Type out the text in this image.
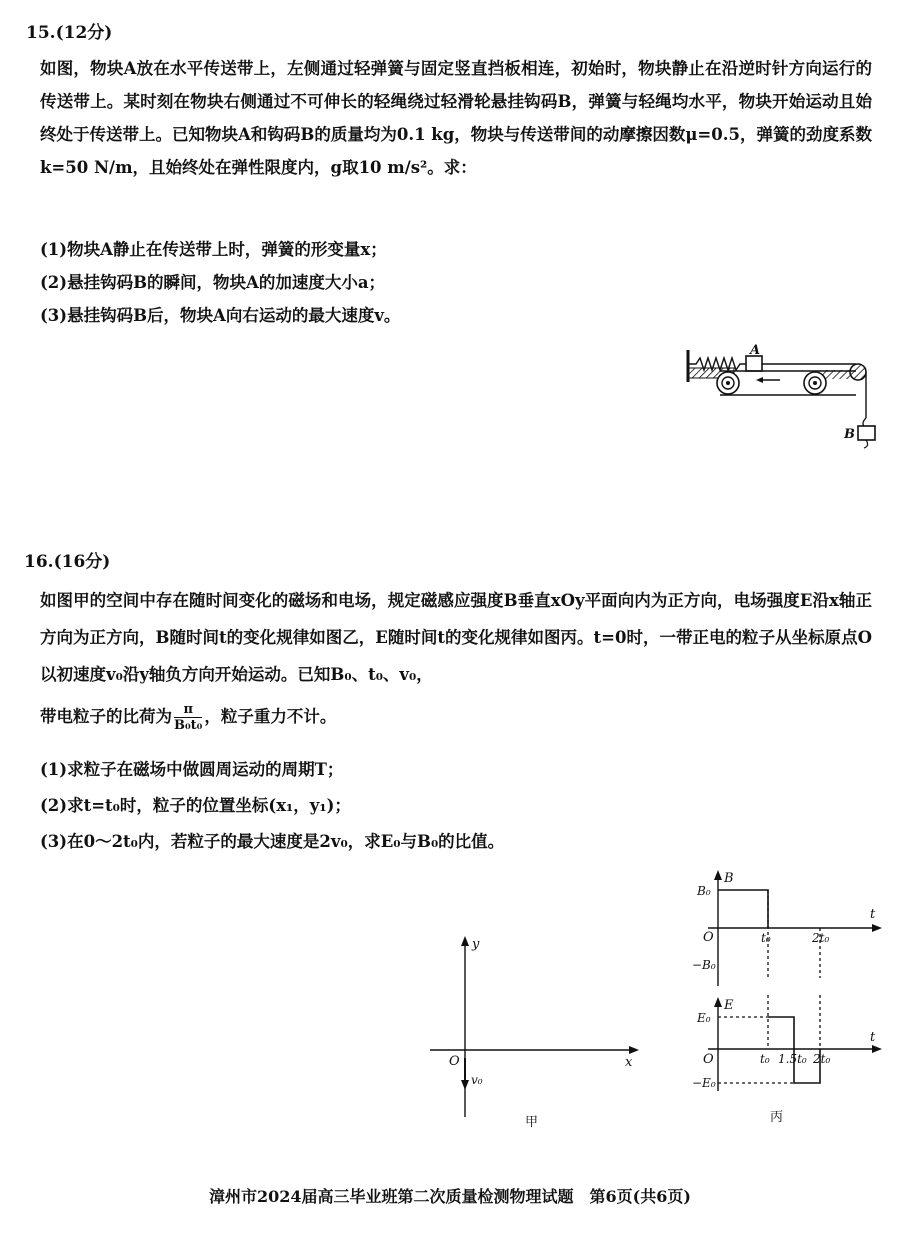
15.(12分)
如图，物块A放在水平传送带上，左侧通过轻弹簧与固定竖直挡板相连，初始时，物块静止在沿逆时针方向运行的传送带上。某时刻在物块右侧通过不可伸长的轻绳绕过轻滑轮悬挂钩码B，弹簧与轻绳均水平，物块开始运动且始终处于传送带上。已知物块A和钩码B的质量均为0.1 kg，物块与传送带间的动摩擦因数μ=0.5，弹簧的劲度系数k=50 N/m，且始终处在弹性限度内，g取10 m/s²。求：
(1)物块A静止在传送带上时，弹簧的形变量x；
(2)悬挂钩码B的瞬间，物块A的加速度大小a；
(3)悬挂钩码B后，物块A向右运动的最大速度v。
A
B
16.(16分)
如图甲的空间中存在随时间变化的磁场和电场，规定磁感应强度B垂直xOy平面向内为正方向，电场强度E沿x轴正方向为正方向，B随时间t的变化规律如图乙，E随时间t的变化规律如图丙。t=0时，一带正电的粒子从坐标原点O以初速度v₀沿y轴负方向开始运动。已知B₀、t₀、v₀，
带电粒子的比荷为 $\frac{\pi}{\text{B₀t₀}}$ ，粒子重力不计。
(1)求粒子在磁场中做圆周运动的周期T；
(2)求t=t₀时，粒子的位置坐标(x₁，y₁)；
(3)在0～2t₀内，若粒子的最大速度是2v₀，求E₀与B₀的比值。
y
x
O
v₀
甲
B
t
O
B₀
−B₀
t₀	2t₀
E
t
O
E₀
−E₀
t₀ 1.5t₀ 2t₀
丙
漳州市2024届高三毕业班第二次质量检测物理试题　第6页(共6页)
